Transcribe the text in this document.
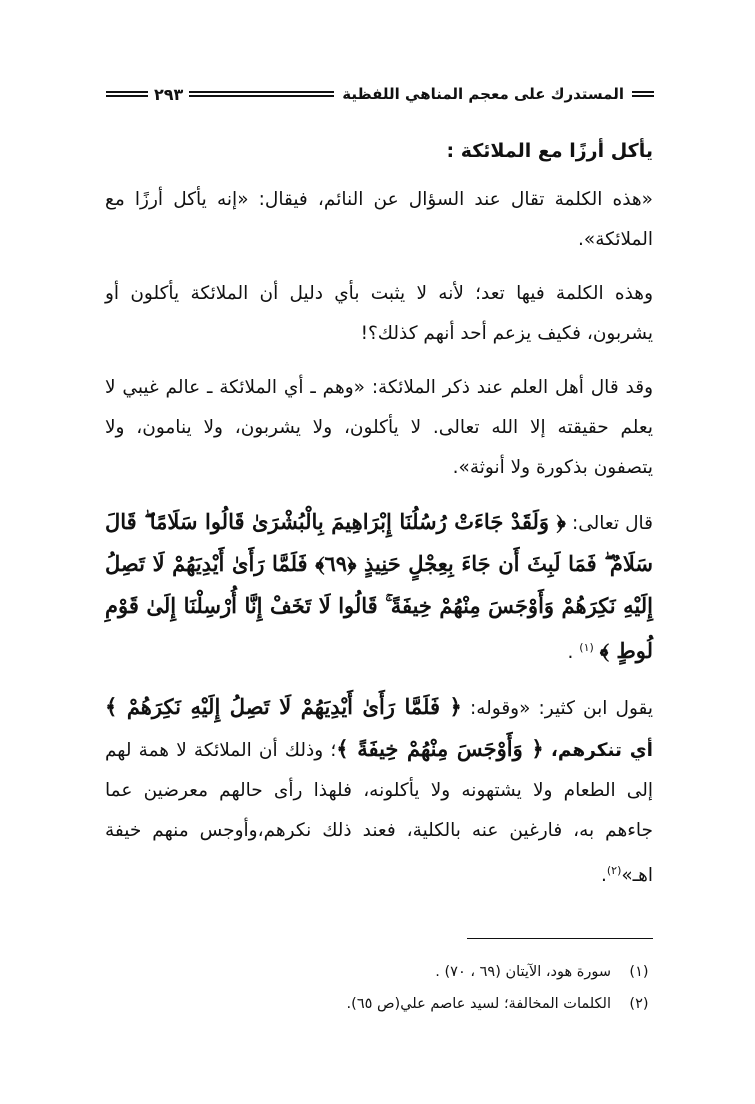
المستدرك على معجم المناهي اللفظية
٢٩٣
يأكل أرزًا مع الملائكة :

«هذه الكلمة تقال عند السؤال عن النائم، فيقال: «إنه يأكل أرزًا مع الملائكة».

وهذه الكلمة فيها تعد؛ لأنه لا يثبت بأي دليل أن الملائكة يأكلون أو يشربون، فكيف يزعم أحد أنهم كذلك؟!

وقد قال أهل العلم عند ذكر الملائكة: «وهم ـ أي الملائكة ـ عالم غيبي لا يعلم حقيقته إلا الله تعالى. لا يأكلون، ولا يشربون، ولا ينامون، ولا يتصفون بذكورة ولا أنوثة».

قال تعالى: ﴿ وَلَقَدْ جَاءَتْ رُسُلُنَا إِبْرَاهِيمَ بِالْبُشْرَىٰ قَالُوا سَلَامًا ۖ قَالَ سَلَامٌ ۖ فَمَا لَبِثَ أَن جَاءَ بِعِجْلٍ حَنِيذٍ ﴿٦٩﴾ فَلَمَّا رَأَىٰ أَيْدِيَهُمْ لَا تَصِلُ إِلَيْهِ نَكِرَهُمْ وَأَوْجَسَ مِنْهُمْ خِيفَةً ۚ قَالُوا لَا تَخَفْ إِنَّا أُرْسِلْنَا إِلَىٰ قَوْمِ لُوطٍ ﴾ $^{(١)}$ .

يقول ابن كثير: «وقوله: ﴿ فَلَمَّا رَأَىٰ أَيْدِيَهُمْ لَا تَصِلُ إِلَيْهِ نَكِرَهُمْ ﴾ أي تنكرهم، ﴿ وَأَوْجَسَ مِنْهُمْ خِيفَةً ﴾؛ وذلك أن الملائكة لا همة لهم إلى الطعام ولا يشتهونه ولا يأكلونه، فلهذا رأى حالهم معرضين عما جاءهم به، فارغين عنه بالكلية، فعند ذلك نكرهم،وأوجس منهم خيفة اهـ»$^{(٢)}$.

(١)
سورة هود، الآيتان (٦٩ ، ٧٠) .
(٢)
الكلمات المخالفة؛ لسيد عاصم علي(ص ٦٥).
